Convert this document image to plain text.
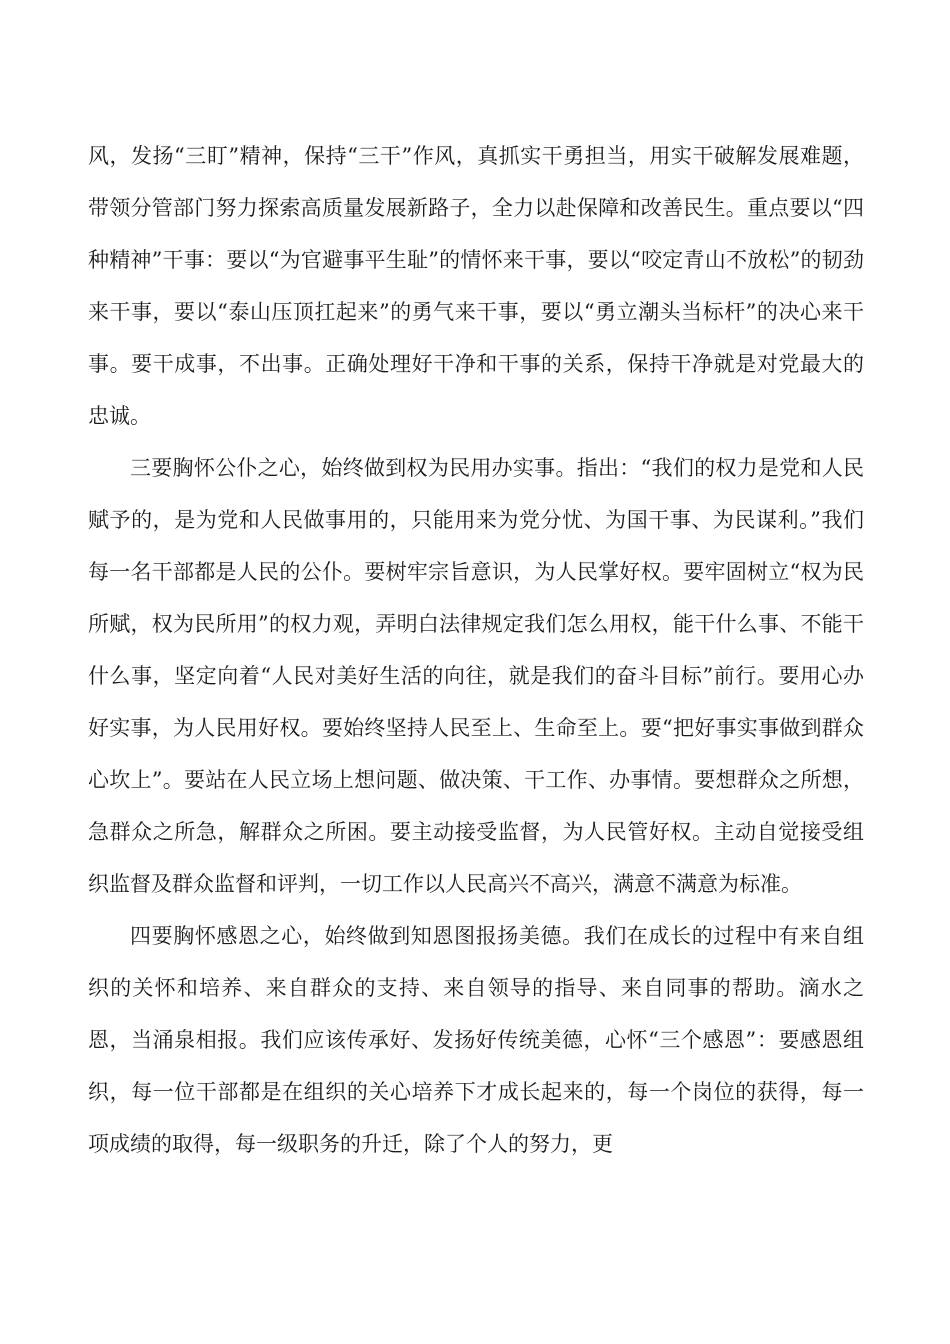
风，发扬“三盯”精神，保持“三干”作风，真抓实干勇担当，用实干破解发展难题，带领分管部门努力探索高质量发展新路子，全力以赴保障和改善民生。重点要以“四种精神”干事：要以“为官避事平生耻”的情怀来干事，要以“咬定青山不放松”的韧劲来干事，要以“泰山压顶扛起来”的勇气来干事，要以“勇立潮头当标杆”的决心来干事。要干成事，不出事。正确处理好干净和干事的关系，保持干净就是对党最大的忠诚。

三要胸怀公仆之心，始终做到权为民用办实事。指出：“我们的权力是党和人民赋予的，是为党和人民做事用的，只能用来为党分忧、为国干事、为民谋利。”我们每一名干部都是人民的公仆。要树牢宗旨意识，为人民掌好权。要牢固树立“权为民所赋，权为民所用”的权力观，弄明白法律规定我们怎么用权，能干什么事、不能干什么事，坚定向着“人民对美好生活的向往，就是我们的奋斗目标”前行。要用心办好实事，为人民用好权。要始终坚持人民至上、生命至上。要“把好事实事做到群众心坎上”。要站在人民立场上想问题、做决策、干工作、办事情。要想群众之所想，急群众之所急，解群众之所困。要主动接受监督，为人民管好权。主动自觉接受组织监督及群众监督和评判，一切工作以人民高兴不高兴，满意不满意为标准。

四要胸怀感恩之心，始终做到知恩图报扬美德。我们在成长的过程中有来自组织的关怀和培养、来自群众的支持、来自领导的指导、来自同事的帮助。滴水之恩，当涌泉相报。我们应该传承好、发扬好传统美德，心怀“三个感恩”：要感恩组织，每一位干部都是在组织的关心培养下才成长起来的，每一个岗位的获得，每一项成绩的取得，每一级职务的升迁，除了个人的努力，更
